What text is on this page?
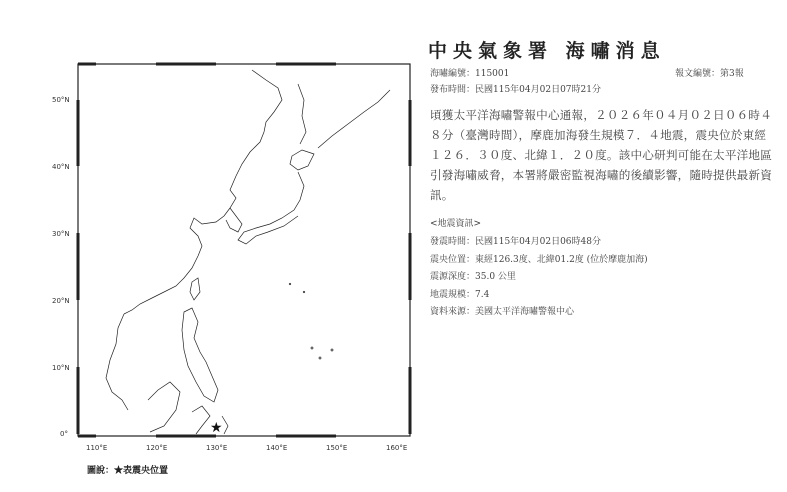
★
50°N
40°N
30°N
20°N
10°N
0°
110°E	120°E	130°E	140°E	150°E	160°E
圖說：★表震央位置
中央氣象署 海嘯消息
海嘯編號：115001	報文編號：第3報
發布時間：民國115年04月02日07時21分
頃獲太平洋海嘯警報中心通報，２０２６年０４月０２日０６時４８分（臺灣時間），摩鹿加海發生規模７．４地震，震央位於東經１２６．３０度、北緯１．２０度。該中心研判可能在太平洋地區引發海嘯威脅，本署將嚴密監視海嘯的後續影響，隨時提供最新資訊。
<地震資訊>
發震時間：民國115年04月02日06時48分
震央位置：東經126.3度、北緯01.2度 (位於摩鹿加海)
震源深度：35.0 公里
地震規模：7.4
資料來源：美國太平洋海嘯警報中心
